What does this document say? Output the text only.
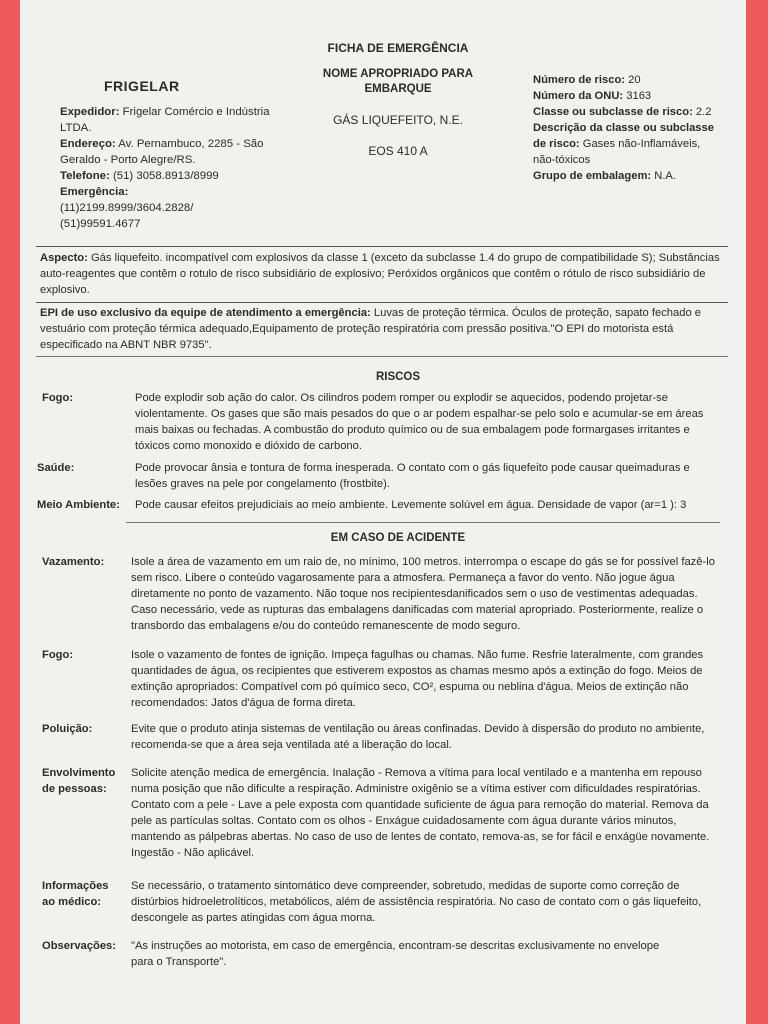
FRIGELAR
Expedidor: Frigelar Comércio e Indústria LTDA.
Endereço: Av. Pernambuco, 2285 - São Geraldo - Porto Alegre/RS.
Telefone: (51) 3058.8913/8999
Emergência:
(11)2199.8999/3604.2828/ (51)99591.4677
FICHA DE EMERGÊNCIA
NOME APROPRIADO PARA EMBARQUE
GÁS LIQUEFEITO, N.E.
EOS 410 A
Número de risco: 20
Número da ONU: 3163
Classe ou subclasse de risco: 2.2
Descrição da classe ou subclasse de risco: Gases não-Inflamáveis, não-tóxicos
Grupo de embalagem: N.A.
Aspecto: Gás liquefeito. incompatível com explosivos da classe 1 (exceto da subclasse 1.4 do grupo de compatibilidade S); Substâncias auto-reagentes que contêm o rotulo de risco subsidiário de explosivo; Peróxidos orgânicos que contêm o rótulo de risco subsidiário de explosivo.
EPI de uso exclusivo da equipe de atendimento a emergência: Luvas de proteção térmica. Óculos de proteção, sapato fechado e vestuário com proteção térmica adequado,Equipamento de proteção respiratória com pressão positiva."O EPI do motorista está especificado na ABNT NBR 9735".
RISCOS
Fogo:	Pode explodir sob ação do calor. Os cilindros podem romper ou explodir se aquecidos, podendo projetar-se violentamente. Os gases que são mais pesados do que o ar podem espalhar-se pelo solo e acumular-se em áreas mais baixas ou fechadas. A combustão do produto químico ou de sua embalagem pode formargases irritantes e tóxicos como monoxido e dióxido de carbono.
Saúde:	Pode provocar ânsia e tontura de forma inesperada. O contato com o gás liquefeito pode causar queimaduras e lesões graves na pele por congelamento (frostbite).
Meio Ambiente: Pode causar efeitos prejudiciais ao meio ambiente. Levemente solúvel em água. Densidade de vapor (ar=1 ): 3
EM CASO DE ACIDENTE
Vazamento: Isole a área de vazamento em um raio de, no mínimo, 100 metros. interrompa o escape do gás se for possível fazê-lo sem risco. Libere o conteúdo vagarosamente para a atmosfera. Permaneça a favor do vento. Não jogue água diretamente no ponto de vazamento. Não toque nos recipientesdanificados sem o uso de vestimentas adequadas. Caso necessário, vede as rupturas das embalagens danificadas com material apropriado. Posteriormente, realize o transbordo das embalagens e/ou do conteúdo remanescente de modo seguro.
Fogo:	Isole o vazamento de fontes de ignição. Impeça fagulhas ou chamas. Não fume. Resfrie lateralmente, com grandes quantidades de água, os recipientes que estiverem expostos as chamas mesmo após a extinção do fogo. Meios de extinção apropriados: Compatível com pó químico seco, CO², espuma ou neblina d'água. Meios de extinção não recomendados: Jatos d'água de forma direta.
Poluição:	Evite que o produto atinja sistemas de ventilação ou áreas confinadas. Devido à dispersão do produto no ambiente, recomenda-se que a área seja ventilada até a liberação do local.
Envolvimento de pessoas:
Solicite atenção medica de emergência. Inalação - Remova a vítima para local ventilado e a mantenha em repouso numa posição que não dificulte a respiração. Administre oxigênio se a vítima estiver com dificuldades respiratórias. Contato com a pele - Lave a pele exposta com quantidade suficiente de água para remoção do material. Remova da pele as partículas soltas. Contato com os olhos - Enxágue cuidadosamente com água durante vários minutos, mantendo as pálpebras abertas. No caso de uso de lentes de contato, remova-as, se for fácil e enxágüe novamente. Ingestão - Não aplicável.
Informações ao médico:
Se necessário, o tratamento sintomático deve compreender, sobretudo, medidas de suporte como correção de distúrbios hidroeletrolíticos, metabólicos, além de assistência respiratória. No caso de contato com o gás liquefeito, descongele as partes atingidas com água morna.
Observações: "As instruções ao motorista, em caso de emergência, encontram-se descritas exclusivamente no envelope para o Transporte".
